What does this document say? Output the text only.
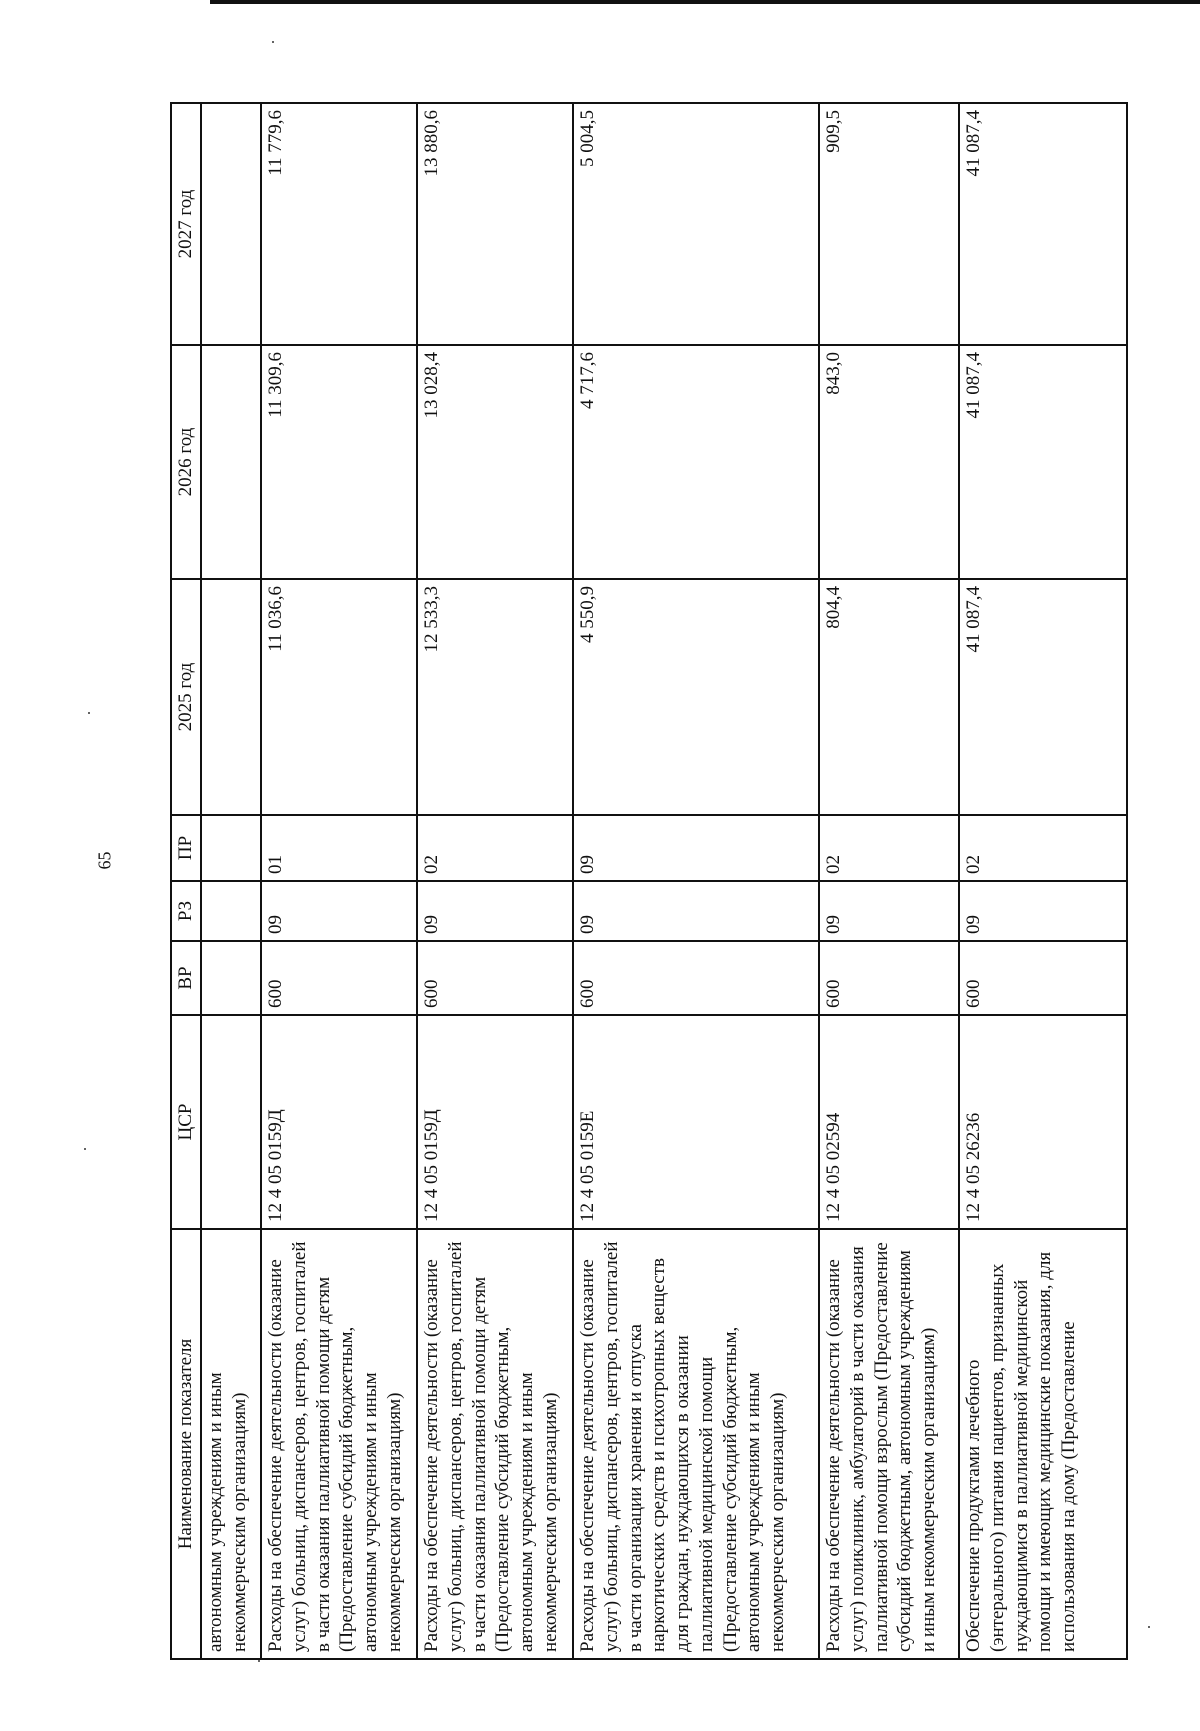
65
Наименование показателя	ЦСР	ВР	РЗ	ПР	2025 год	2026 год	2027 год
автономным учреждениям и иным некоммерческим организациям)							
Расходы на обеспечение деятельности (оказание услуг) больниц, диспансеров, центров, госпиталей в части оказания паллиативной помощи детям (Предоставление субсидий бюджетным, автономным учреждениям и иным некоммерческим организациям)	12 4 05 0159Д	600	09	01	11 036,6	11 309,6	11 779,6
Расходы на обеспечение деятельности (оказание услуг) больниц, диспансеров, центров, госпиталей в части оказания паллиативной помощи детям (Предоставление субсидий бюджетным, автономным учреждениям и иным некоммерческим организациям)	12 4 05 0159Д	600	09	02	12 533,3	13 028,4	13 880,6
Расходы на обеспечение деятельности (оказание услуг) больниц, диспансеров, центров, госпиталей в части организации хранения и отпуска наркотических средств и психотропных веществ для граждан, нуждающихся в оказании паллиативной медицинской помощи (Предоставление субсидий бюджетным, автономным учреждениям и иным некоммерческим организациям)	12 4 05 0159Е	600	09	09	4 550,9	4 717,6	5 004,5
Расходы на обеспечение деятельности (оказание услуг) поликлиник, амбулаторий в части оказания паллиативной помощи взрослым (Предоставление субсидий бюджетным, автономным учреждениям и иным некоммерческим организациям)	12 4 05 02594	600	09	02	804,4	843,0	909,5
Обеспечение продуктами лечебного (энтерального) питания пациентов, признанных нуждающимися в паллиативной медицинской помощи и имеющих медицинские показания, для использования на дому (Предоставление	12 4 05 26236	600	09	02	41 087,4	41 087,4	41 087,4
